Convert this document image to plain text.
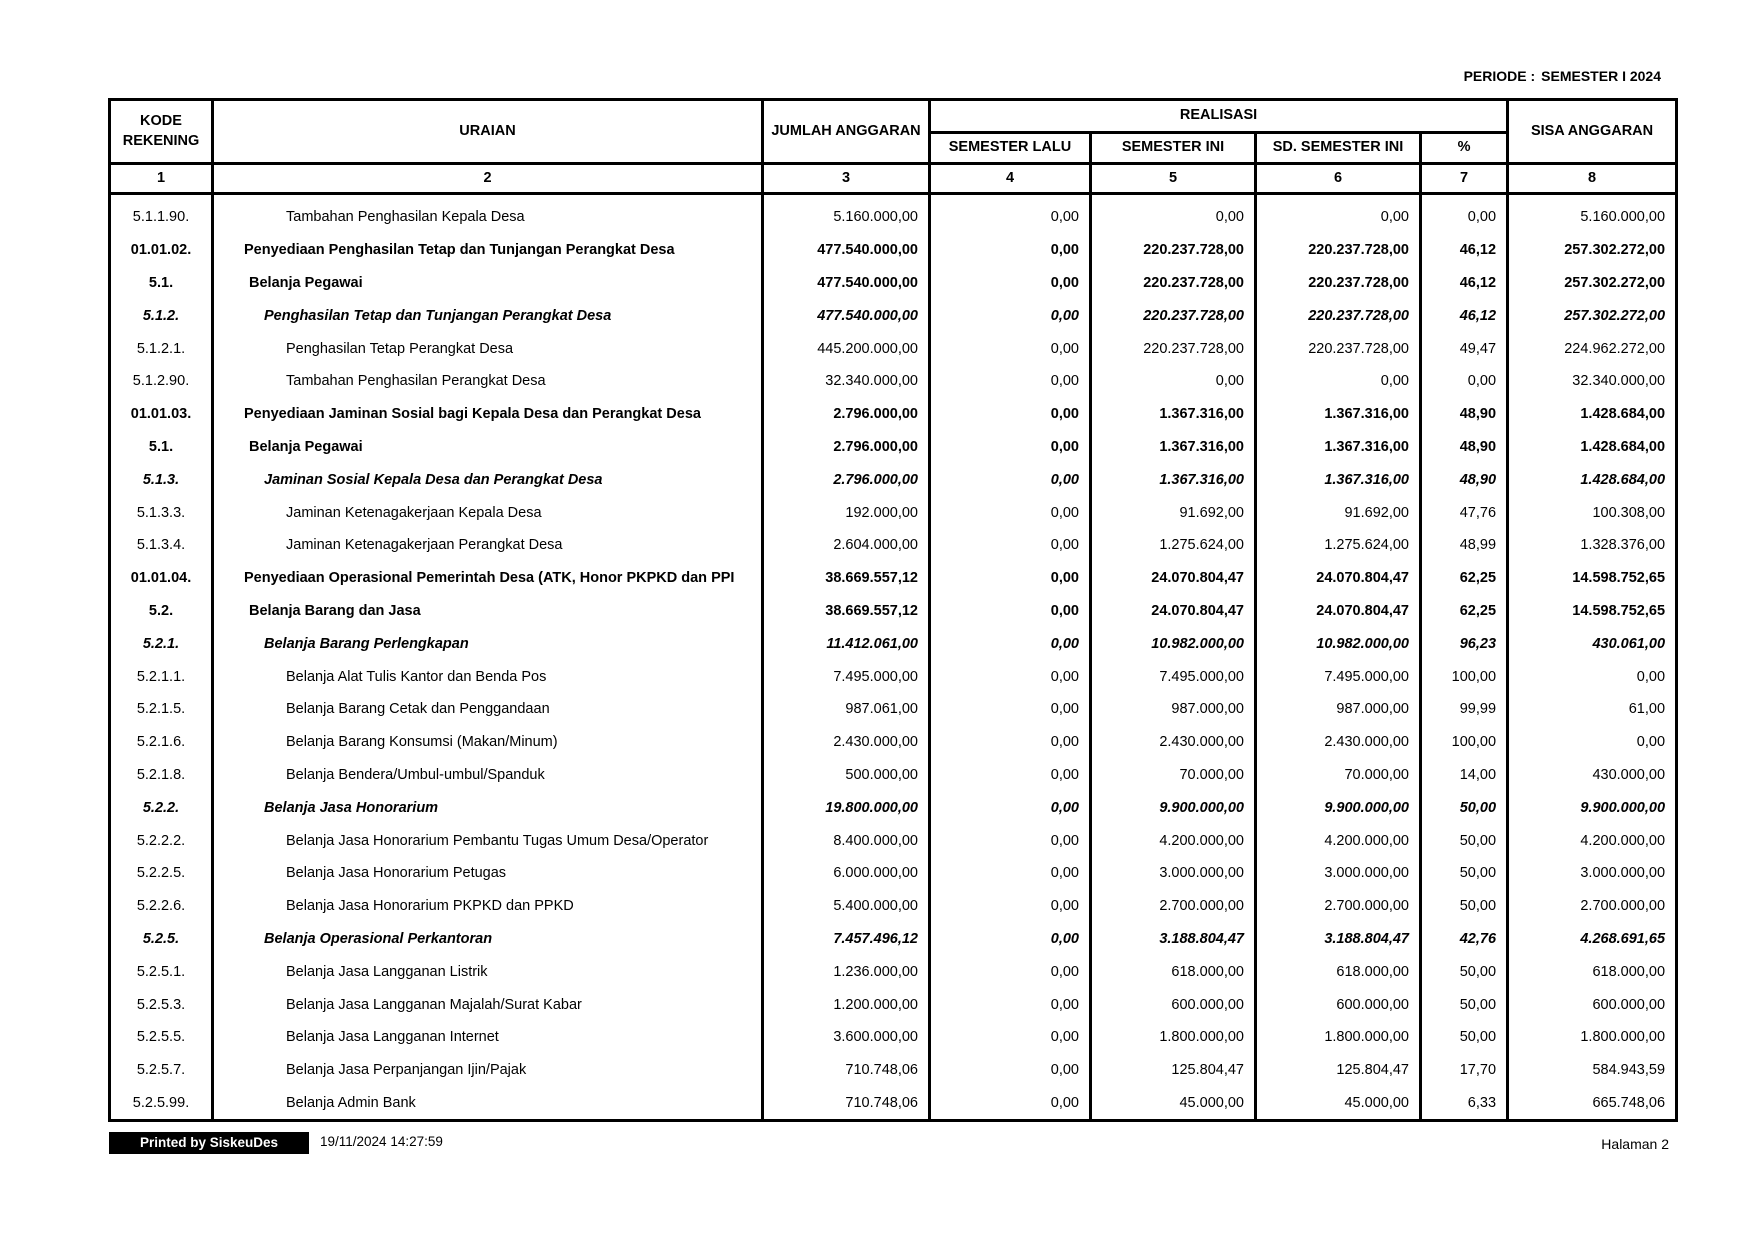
PERIODE : SEMESTER I 2024
KODE REKENING	URAIAN	JUMLAH ANGGARAN	REALISASI				SISA ANGGARAN
			SEMESTER LALU	SEMESTER INI	SD. SEMESTER INI	%	
1	2	3	4	5	6	7	8
5.1.1.90.	Tambahan Penghasilan Kepala Desa	5.160.000,00	0,00	0,00	0,00	0,00	5.160.000,00
01.01.02.	Penyediaan Penghasilan Tetap dan Tunjangan Perangkat Desa	477.540.000,00	0,00	220.237.728,00	220.237.728,00	46,12	257.302.272,00
5.1.	Belanja Pegawai	477.540.000,00	0,00	220.237.728,00	220.237.728,00	46,12	257.302.272,00
5.1.2.	Penghasilan Tetap dan Tunjangan Perangkat Desa	477.540.000,00	0,00	220.237.728,00	220.237.728,00	46,12	257.302.272,00
5.1.2.1.	Penghasilan Tetap Perangkat Desa	445.200.000,00	0,00	220.237.728,00	220.237.728,00	49,47	224.962.272,00
5.1.2.90.	Tambahan Penghasilan Perangkat Desa	32.340.000,00	0,00	0,00	0,00	0,00	32.340.000,00
01.01.03.	Penyediaan Jaminan Sosial bagi Kepala Desa dan Perangkat Desa	2.796.000,00	0,00	1.367.316,00	1.367.316,00	48,90	1.428.684,00
5.1.	Belanja Pegawai	2.796.000,00	0,00	1.367.316,00	1.367.316,00	48,90	1.428.684,00
5.1.3.	Jaminan Sosial Kepala Desa dan Perangkat Desa	2.796.000,00	0,00	1.367.316,00	1.367.316,00	48,90	1.428.684,00
5.1.3.3.	Jaminan Ketenagakerjaan Kepala Desa	192.000,00	0,00	91.692,00	91.692,00	47,76	100.308,00
5.1.3.4.	Jaminan Ketenagakerjaan Perangkat Desa	2.604.000,00	0,00	1.275.624,00	1.275.624,00	48,99	1.328.376,00
01.01.04.	Penyediaan Operasional Pemerintah Desa (ATK, Honor PKPKD dan PPI	38.669.557,12	0,00	24.070.804,47	24.070.804,47	62,25	14.598.752,65
5.2.	Belanja Barang dan Jasa	38.669.557,12	0,00	24.070.804,47	24.070.804,47	62,25	14.598.752,65
5.2.1.	Belanja Barang Perlengkapan	11.412.061,00	0,00	10.982.000,00	10.982.000,00	96,23	430.061,00
5.2.1.1.	Belanja Alat Tulis Kantor dan Benda Pos	7.495.000,00	0,00	7.495.000,00	7.495.000,00	100,00	0,00
5.2.1.5.	Belanja Barang Cetak dan Penggandaan	987.061,00	0,00	987.000,00	987.000,00	99,99	61,00
5.2.1.6.	Belanja Barang Konsumsi (Makan/Minum)	2.430.000,00	0,00	2.430.000,00	2.430.000,00	100,00	0,00
5.2.1.8.	Belanja Bendera/Umbul-umbul/Spanduk	500.000,00	0,00	70.000,00	70.000,00	14,00	430.000,00
5.2.2.	Belanja Jasa Honorarium	19.800.000,00	0,00	9.900.000,00	9.900.000,00	50,00	9.900.000,00
5.2.2.2.	Belanja Jasa Honorarium Pembantu Tugas Umum Desa/Operator	8.400.000,00	0,00	4.200.000,00	4.200.000,00	50,00	4.200.000,00
5.2.2.5.	Belanja Jasa Honorarium Petugas	6.000.000,00	0,00	3.000.000,00	3.000.000,00	50,00	3.000.000,00
5.2.2.6.	Belanja Jasa Honorarium PKPKD dan PPKD	5.400.000,00	0,00	2.700.000,00	2.700.000,00	50,00	2.700.000,00
5.2.5.	Belanja Operasional Perkantoran	7.457.496,12	0,00	3.188.804,47	3.188.804,47	42,76	4.268.691,65
5.2.5.1.	Belanja Jasa Langganan Listrik	1.236.000,00	0,00	618.000,00	618.000,00	50,00	618.000,00
5.2.5.3.	Belanja Jasa Langganan Majalah/Surat Kabar	1.200.000,00	0,00	600.000,00	600.000,00	50,00	600.000,00
5.2.5.5.	Belanja Jasa Langganan Internet	3.600.000,00	0,00	1.800.000,00	1.800.000,00	50,00	1.800.000,00
5.2.5.7.	Belanja Jasa Perpanjangan Ijin/Pajak	710.748,06	0,00	125.804,47	125.804,47	17,70	584.943,59
5.2.5.99.	Belanja Admin Bank	710.748,06	0,00	45.000,00	45.000,00	6,33	665.748,06
Printed by SiskeuDes	19/11/2024 14:27:59	Halaman 2
